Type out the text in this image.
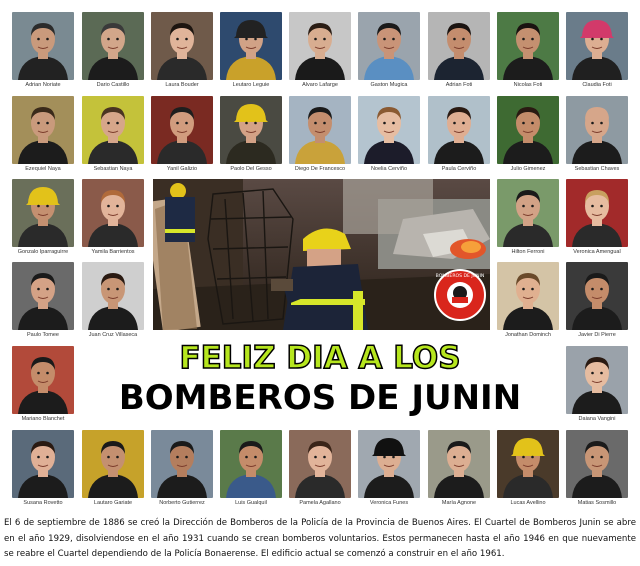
Adrian Noriate	Dario Castillo	Laura Bouder	Leutaro Leguie	Alvaro Lafarge	Gaston Mugica	Adrian Foti	Nicolas Foti	Claudia Foti
Ezequiel Naya	Sebastian Naya	Yanil Galizio	Paolo Del Gesso	Diego De Francesco	Noelia Cerviño	Paula Cerviño	Julio Gimenez	Sebastian Chaves
Gonzalo Iparraguirre	Yamila Barrientos	Hilton Ferroni	Veronica Amengual
Paulo Tomee	Juan Cruz Villaseca	Jonathan Dominch	Javier Di Pierre
Mariano Blanchet	Daiana Vangini
Susana Rovetto	Lautaro Gariate	Norberto Gutierrez	Luis Gualquil	Pamela Agallano	Veronica Funes	María Agnone	Lucas Avellino	Matias Sosmillo
BOMBEROS DE JUNIN
FELIZ DIA A LOS
BOMBEROS DE JUNIN
El 6 de septiembre de 1886 se creó la Dirección de Bomberos de la Policía de la Provincia de Buenos Aires. El Cuartel de Bomberos Junin se abre en el año 1929, disolviendose en el año 1931 cuando se crean bomberos voluntarios. Estos permanecen hasta el año 1946 en que nuevamente se reabre el Cuartel dependiendo de la Policía Bonaerense. El edificio actual se comenzó a construir en el año 1961.
